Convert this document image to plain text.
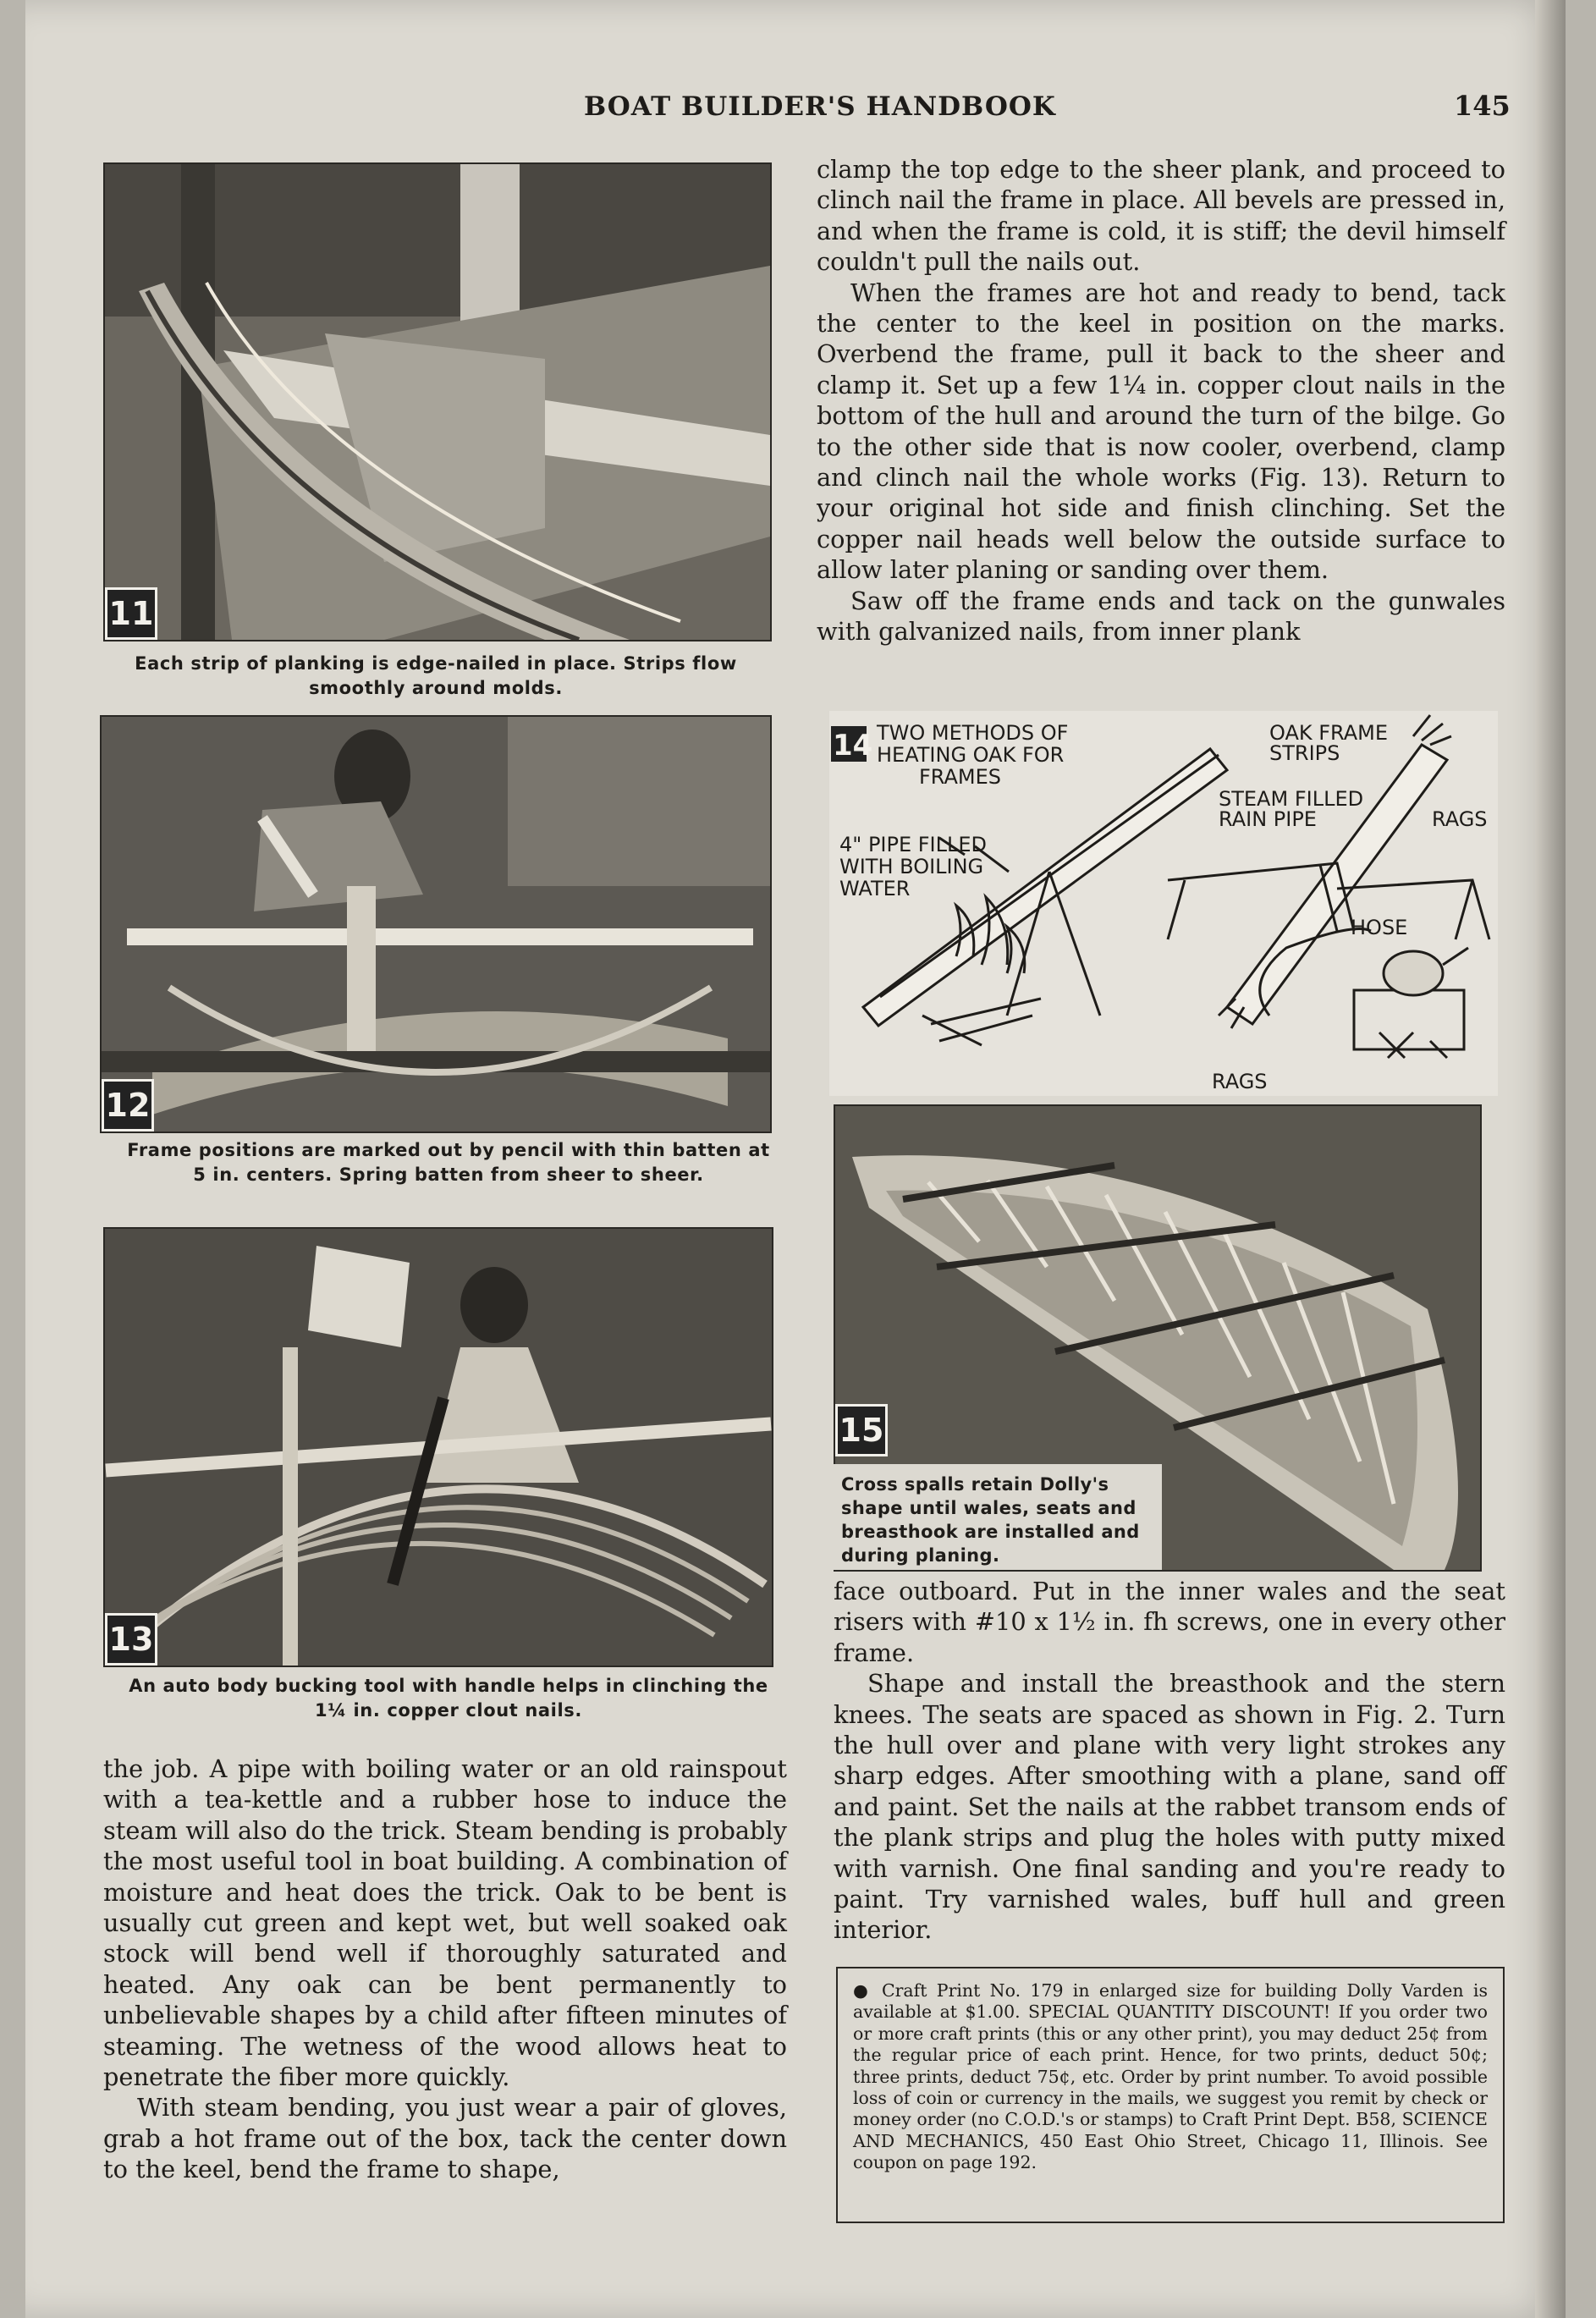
BOAT BUILDER'S HANDBOOK	145
11
Each strip of planking is edge-nailed in place. Strips flow smoothly around molds.
12
Frame positions are marked out by pencil with thin batten at 5 in. centers. Spring batten from sheer to sheer.
13
An auto body bucking tool with handle helps in clinching the 1¼ in. copper clout nails.

the job. A pipe with boiling water or an old rainspout with a tea-kettle and a rubber hose to induce the steam will also do the trick. Steam bending is probably the most useful tool in boat building. A combination of moisture and heat does the trick. Oak to be bent is usually cut green and kept wet, but well soaked oak stock will bend well if thoroughly saturated and heated. Any oak can be bent permanently to unbelievable shapes by a child after fifteen minutes of steaming. The wetness of the wood allows heat to penetrate the fiber more quickly.

With steam bending, you just wear a pair of gloves, grab a hot frame out of the box, tack the center down to the keel, bend the frame to shape,

clamp the top edge to the sheer plank, and proceed to clinch nail the frame in place. All bevels are pressed in, and when the frame is cold, it is stiff; the devil himself couldn't pull the nails out.

When the frames are hot and ready to bend, tack the center to the keel in position on the marks. Overbend the frame, pull it back to the sheer and clamp it. Set up a few 1¼ in. copper clout nails in the bottom of the hull and around the turn of the bilge. Go to the other side that is now cooler, overbend, clamp and clinch nail the whole works (Fig. 13). Return to your original hot side and finish clinching. Set the copper nail heads well below the outside surface to allow later planing or sanding over them.

Saw off the frame ends and tack on the gunwales with galvanized nails, from inner plank

14 TWO METHODS OF
HEATING OAK FOR
FRAMES
OAK FRAME
STRIPS
STEAM FILLED
RAIN PIPE	RAGS
4" PIPE FILLED
WITH BOILING
WATER
HOSE
RAGS
15
Cross spalls retain Dolly's shape until wales, seats and breasthook are installed and during planing.

face outboard. Put in the inner wales and the seat risers with #10 x 1½ in. fh screws, one in every other frame.

Shape and install the breasthook and the stern knees. The seats are spaced as shown in Fig. 2. Turn the hull over and plane with very light strokes any sharp edges. After smoothing with a plane, sand off and paint. Set the nails at the rabbet transom ends of the plank strips and plug the holes with putty mixed with varnish. One final sanding and you're ready to paint. Try varnished wales, buff hull and green interior.

● Craft Print No. 179 in enlarged size for building Dolly Varden is available at $1.00. SPECIAL QUANTITY DISCOUNT! If you order two or more craft prints (this or any other print), you may deduct 25¢ from the regular price of each print. Hence, for two prints, deduct 50¢; three prints, deduct 75¢, etc. Order by print number. To avoid possible loss of coin or currency in the mails, we suggest you remit by check or money order (no C.O.D.'s or stamps) to Craft Print Dept. B58, SCIENCE AND MECHANICS, 450 East Ohio Street, Chicago 11, Illinois. See coupon on page 192.
